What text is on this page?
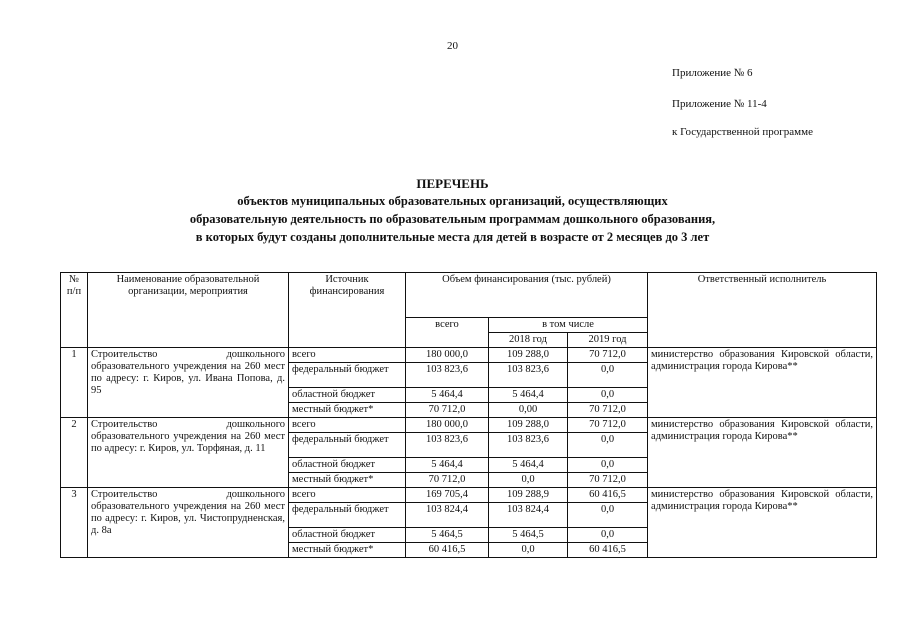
20
Приложение № 6
Приложение № 11-4
к Государственной программе
ПЕРЕЧЕНЬ
объектов муниципальных образовательных организаций, осуществляющих
образовательную деятельность по образовательным программам дошкольного образования,
в которых будут созданы дополнительные места для детей в возрасте от 2 месяцев до 3 лет
№ п/п	Наименование образовательной организации, мероприятия	Источник финансирования	Объем финансирования (тыс. рублей)			Ответственный исполнитель
			всего	в том числе		
				2018 год	2019 год	
1	Строительство дошкольного образовательного учреждения на 260 мест по адресу: г. Киров, ул. Ивана Попова, д. 95	всего	180 000,0	109 288,0	70 712,0	министерство образования Кировской области, администрация города Кирова**
		федеральный бюджет	103 823,6	103 823,6	0,0	
		областной бюджет	5 464,4	5 464,4	0,0	
		местный бюджет*	70 712,0	0,00	70 712,0	
2	Строительство дошкольного образовательного учреждения на 260 мест по адресу: г. Киров, ул. Торфяная, д. 11	всего	180 000,0	109 288,0	70 712,0	министерство образования Кировской области, администрация города Кирова**
		федеральный бюджет	103 823,6	103 823,6	0,0	
		областной бюджет	5 464,4	5 464,4	0,0	
		местный бюджет*	70 712,0	0,0	70 712,0	
3	Строительство дошкольного образовательного учреждения на 260 мест по адресу: г. Киров, ул. Чистопрудненская, д. 8а	всего	169 705,4	109 288,9	60 416,5	министерство образования Кировской области, администрация города Кирова**
		федеральный бюджет	103 824,4	103 824,4	0,0	
		областной бюджет	5 464,5	5 464,5	0,0	
		местный бюджет*	60 416,5	0,0	60 416,5	
